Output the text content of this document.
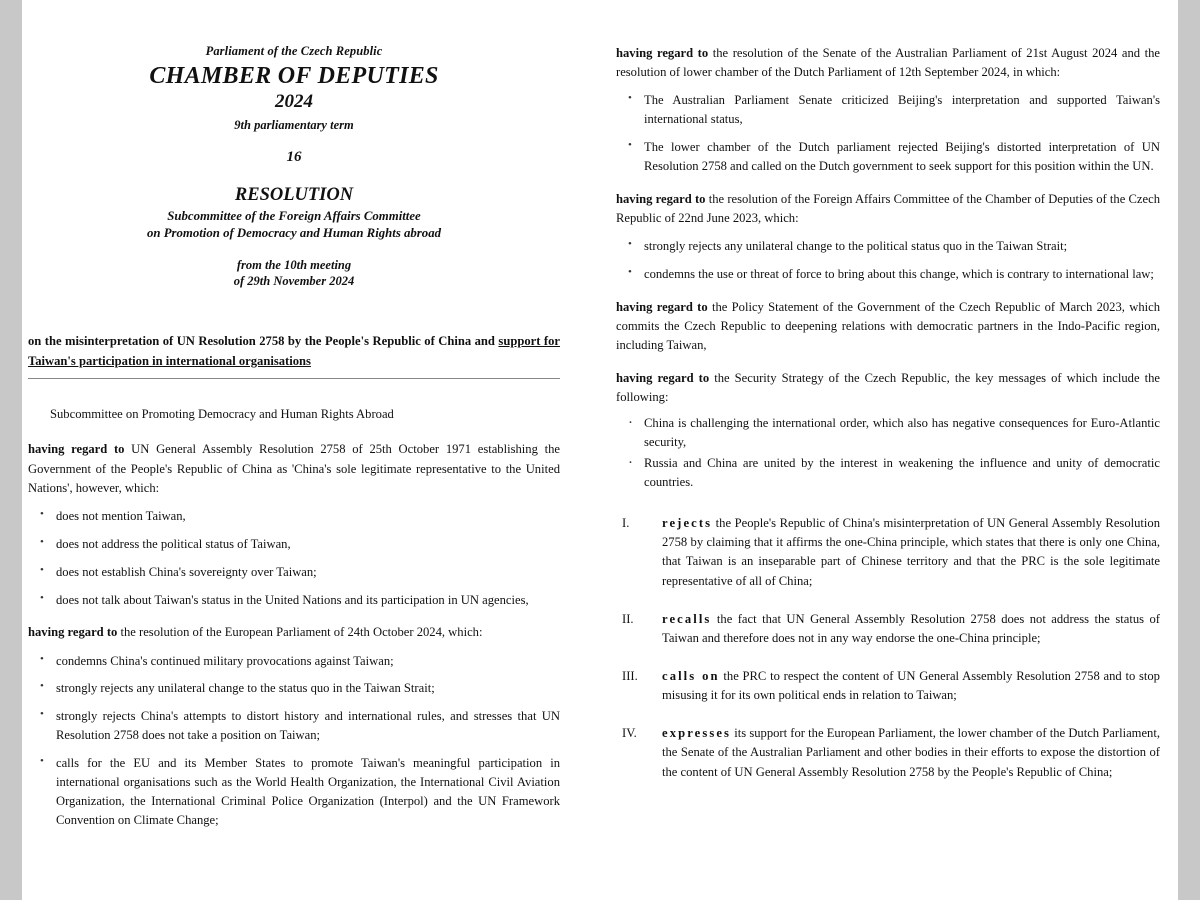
Parliament of the Czech Republic
CHAMBER OF DEPUTIES
2024
9th parliamentary term
16
RESOLUTION
Subcommittee of the Foreign Affairs Committee
on Promotion of Democracy and Human Rights abroad
from the 10th meeting
of 29th November 2024
on the misinterpretation of UN Resolution 2758 by the People's Republic of China and support for Taiwan's participation in international organisations
Subcommittee on Promoting Democracy and Human Rights Abroad
having regard to UN General Assembly Resolution 2758 of 25th October 1971 establishing the Government of the People's Republic of China as 'China's sole legitimate representative to the United Nations', however, which:
• does not mention Taiwan,
• does not address the political status of Taiwan,
• does not establish China's sovereignty over Taiwan;
• does not talk about Taiwan's status in the United Nations and its participation in UN agencies,
having regard to the resolution of the European Parliament of 24th October 2024, which:
• condemns China's continued military provocations against Taiwan;
• strongly rejects any unilateral change to the status quo in the Taiwan Strait;
• strongly rejects China's attempts to distort history and international rules, and stresses that UN Resolution 2758 does not take a position on Taiwan;
• calls for the EU and its Member States to promote Taiwan's meaningful participation in international organisations such as the World Health Organization, the International Civil Aviation Organization, the International Criminal Police Organization (Interpol) and the UN Framework Convention on Climate Change;
having regard to the resolution of the Senate of the Australian Parliament of 21st August 2024 and the resolution of lower chamber of the Dutch Parliament of 12th September 2024, in which:
• The Australian Parliament Senate criticized Beijing's interpretation and supported Taiwan's international status,
• The lower chamber of the Dutch parliament rejected Beijing's distorted interpretation of UN Resolution 2758 and called on the Dutch government to seek support for this position within the UN.
having regard to the resolution of the Foreign Affairs Committee of the Chamber of Deputies of the Czech Republic of 22nd June 2023, which:
• strongly rejects any unilateral change to the political status quo in the Taiwan Strait;
• condemns the use or threat of force to bring about this change, which is contrary to international law;
having regard to the Policy Statement of the Government of the Czech Republic of March 2023, which commits the Czech Republic to deepening relations with democratic partners in the Indo-Pacific region, including Taiwan,
having regard to the Security Strategy of the Czech Republic, the key messages of which include the following:
· China is challenging the international order, which also has negative consequences for Euro-Atlantic security,
· Russia and China are united by the interest in weakening the influence and unity of democratic countries.
I.	rejects the People's Republic of China's misinterpretation of UN General Assembly Resolution 2758 by claiming that it affirms the one-China principle, which states that there is only one China, that Taiwan is an inseparable part of Chinese territory and that the PRC is the sole legitimate representative of all of China;
II.	recalls the fact that UN General Assembly Resolution 2758 does not address the status of Taiwan and therefore does not in any way endorse the one-China principle;
III.	calls on the PRC to respect the content of UN General Assembly Resolution 2758 and to stop misusing it for its own political ends in relation to Taiwan;
IV.	expresses its support for the European Parliament, the lower chamber of the Dutch Parliament, the Senate of the Australian Parliament and other bodies in their efforts to expose the distortion of the content of UN General Assembly Resolution 2758 by the People's Republic of China;
